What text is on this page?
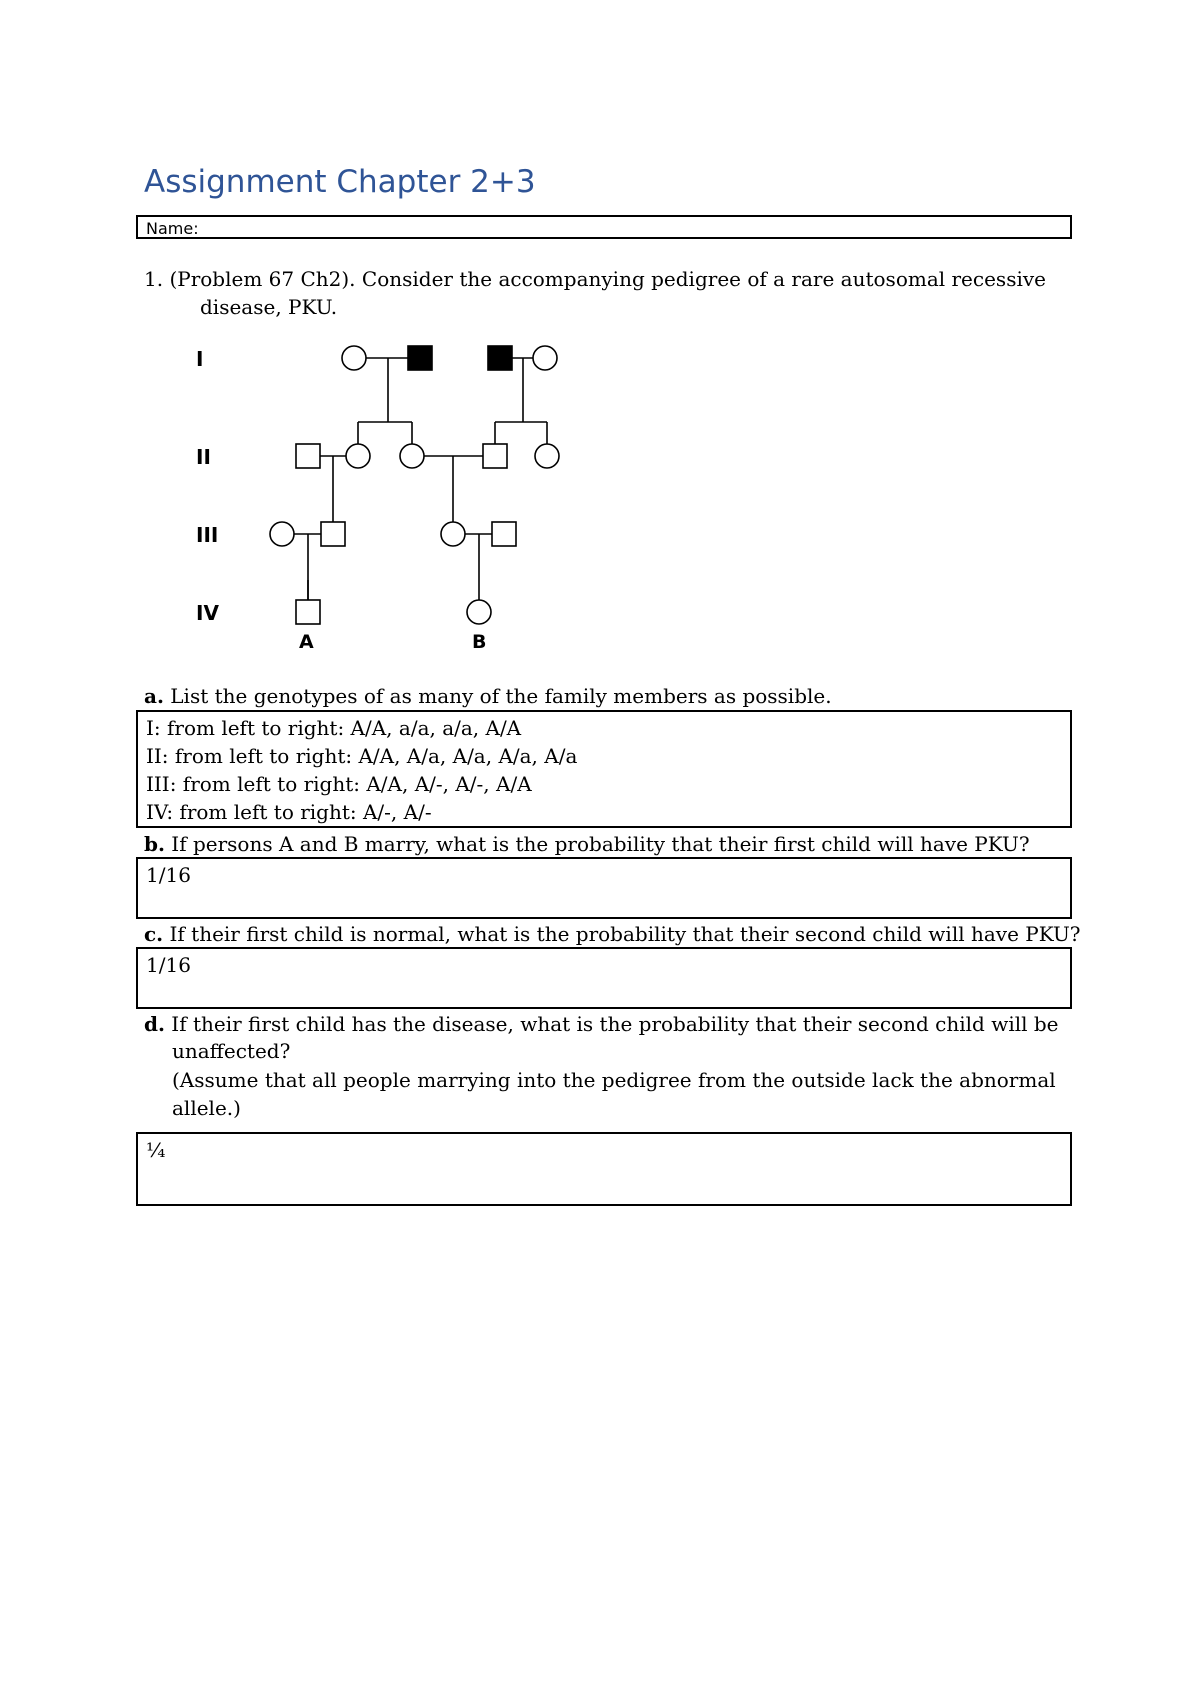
Assignment Chapter 2+3
Name:

1. (Problem 67 Ch2). Consider the accompanying pedigree of a rare autosomal recessive

disease, PKU.

I
II
III
IV
A	B

a. List the genotypes of as many of the family members as possible.

I: from left to right: A/A, a/a, a/a, A/A
II: from left to right: A/A, A/a, A/a, A/a, A/a
III: from left to right: A/A, A/-, A/-, A/A
IV: from left to right: A/-, A/-

b. If persons A and B marry, what is the probability that their first child will have PKU?

1/16

c. If their first child is normal, what is the probability that their second child will have PKU?

1/16

d. If their first child has the disease, what is the probability that their second child will be

unaffected?

(Assume that all people marrying into the pedigree from the outside lack the abnormal

allele.)

¼
